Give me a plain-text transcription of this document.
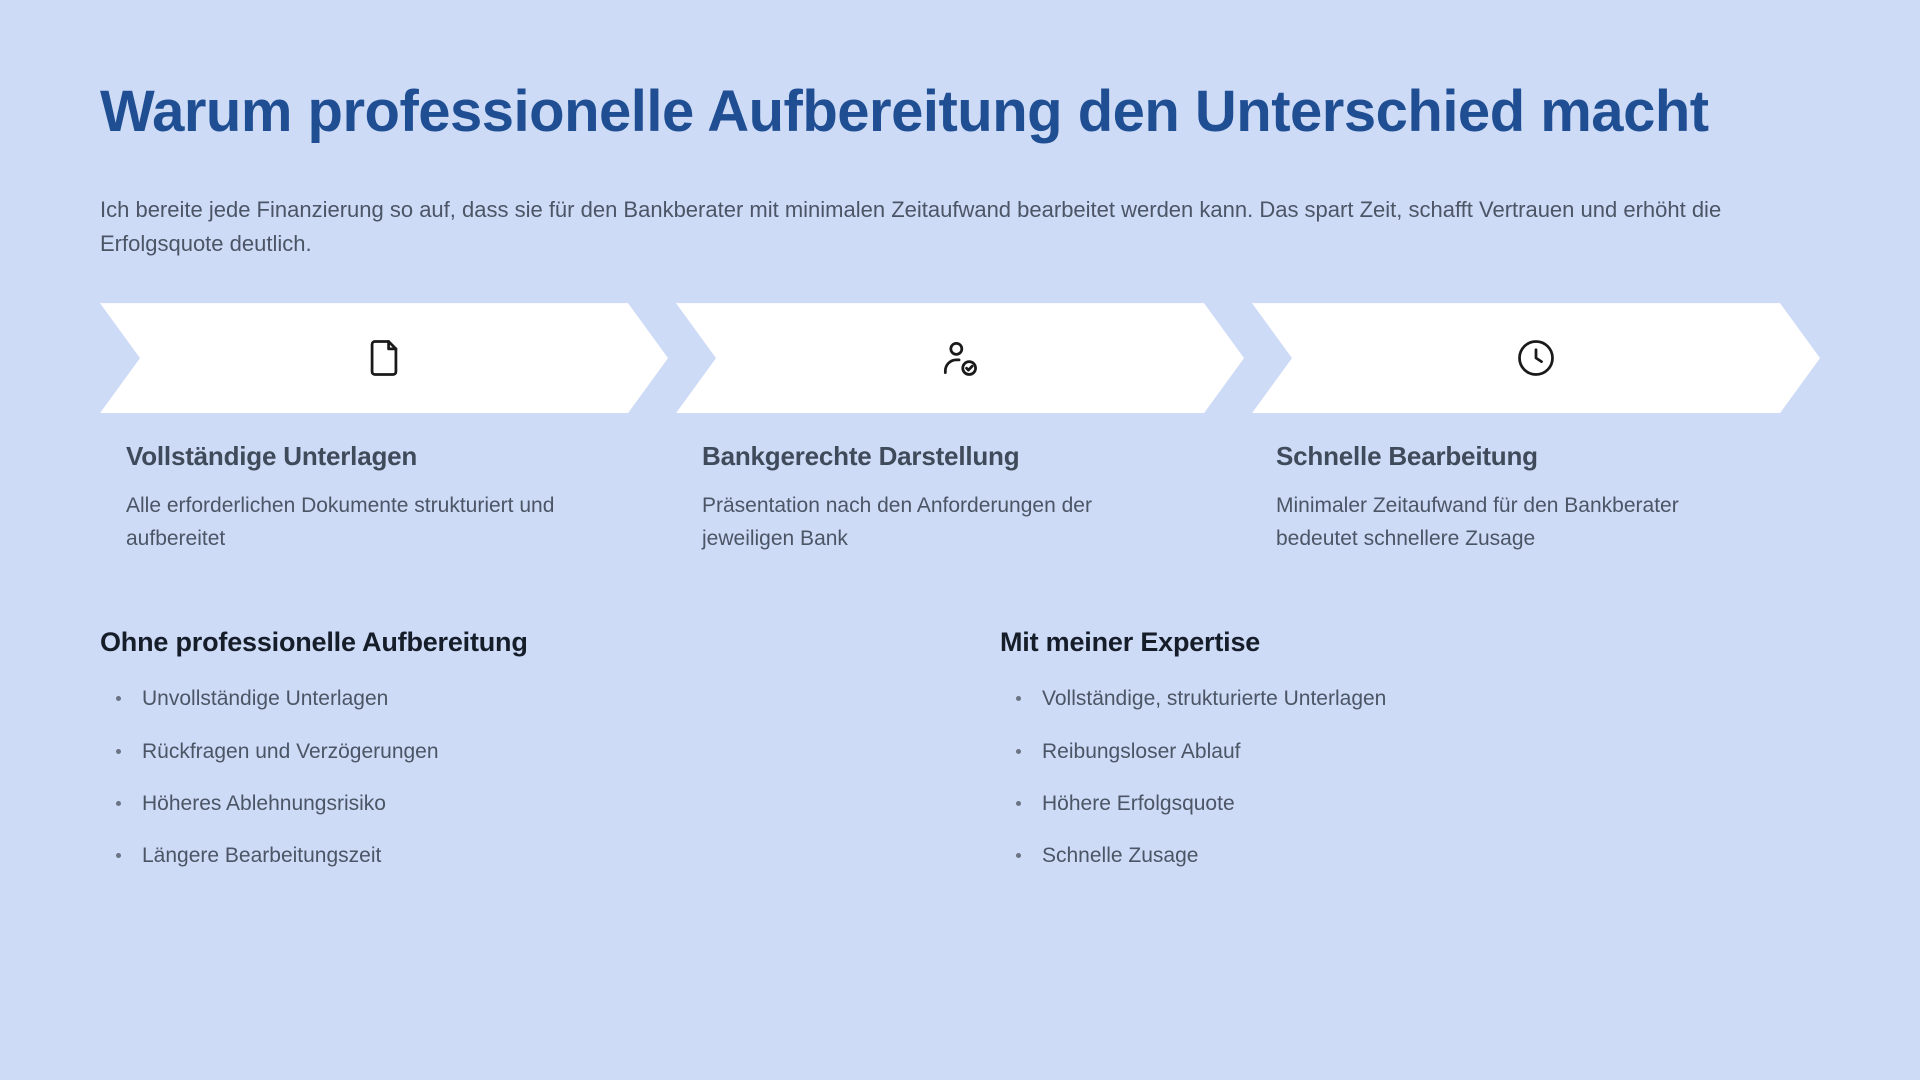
Warum professionelle Aufbereitung den Unterschied macht

Ich bereite jede Finanzierung so auf, dass sie für den Bankberater mit minimalen Zeitaufwand bearbeitet werden kann. Das spart Zeit, schafft Vertrauen und erhöht die Erfolgsquote deutlich.

Vollständige Unterlagen

Alle erforderlichen Dokumente strukturiert und aufbereitet

Bankgerechte Darstellung

Präsentation nach den Anforderungen der jeweiligen Bank

Schnelle Bearbeitung

Minimaler Zeitaufwand für den Bankberater bedeutet schnellere Zusage

Ohne professionelle Aufbereitung
Unvollständige Unterlagen
Rückfragen und Verzögerungen
Höheres Ablehnungsrisiko
Längere Bearbeitungszeit
Mit meiner Expertise
Vollständige, strukturierte Unterlagen
Reibungsloser Ablauf
Höhere Erfolgsquote
Schnelle Zusage
